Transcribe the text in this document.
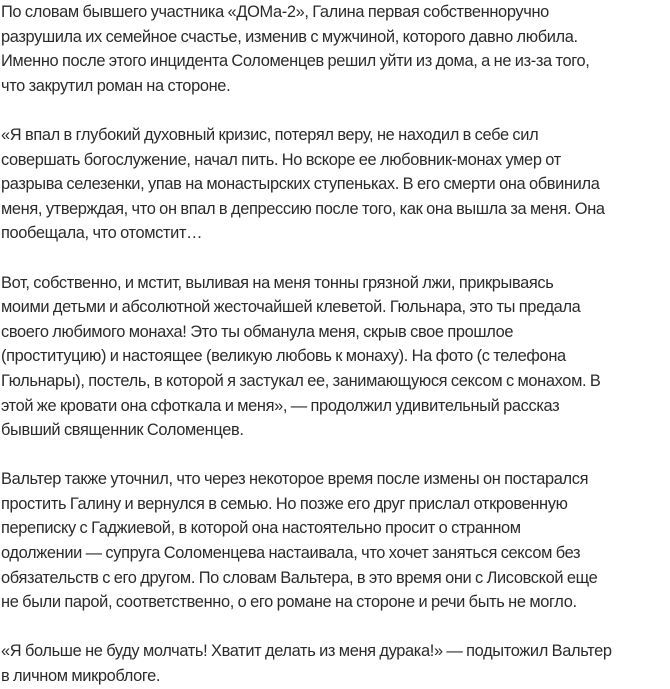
По словам бывшего участника «ДОМа-2», Галина первая собственноручно
разрушила их семейное счастье, изменив с мужчиной, которого давно любила.
Именно после этого инцидента Соломенцев решил уйти из дома, а не из-за того,
что закрутил роман на стороне.

«Я впал в глубокий духовный кризис, потерял веру, не находил в себе сил
совершать богослужение, начал пить. Но вскоре ее любовник-монах умер от
разрыва селезенки, упав на монастырских ступеньках. В его смерти она обвинила
меня, утверждая, что он впал в депрессию после того, как она вышла за меня. Она
пообещала, что отомстит…

Вот, собственно, и мстит, выливая на меня тонны грязной лжи, прикрываясь
моими детьми и абсолютной жесточайшей клеветой. Гюльнара, это ты предала
своего любимого монаха! Это ты обманула меня, скрыв свое прошлое
(проституцию) и настоящее (великую любовь к монаху). На фото (с телефона
Гюльнары), постель, в которой я застукал ее, занимающуюся сексом с монахом. В
этой же кровати она сфоткала и меня», — продолжил удивительный рассказ
бывший священник Соломенцев.

Вальтер также уточнил, что через некоторое время после измены он постарался
простить Галину и вернулся в семью. Но позже его друг прислал откровенную
переписку с Гаджиевой, в которой она настоятельно просит о странном
одолжении — супруга Соломенцева настаивала, что хочет заняться сексом без
обязательств с его другом. По словам Вальтера, в это время они с Лисовской еще
не были парой, соответственно, о его романе на стороне и речи быть не могло.

«Я больше не буду молчать! Хватит делать из меня дурака!» — подытожил Вальтер
в личном микроблоге.
